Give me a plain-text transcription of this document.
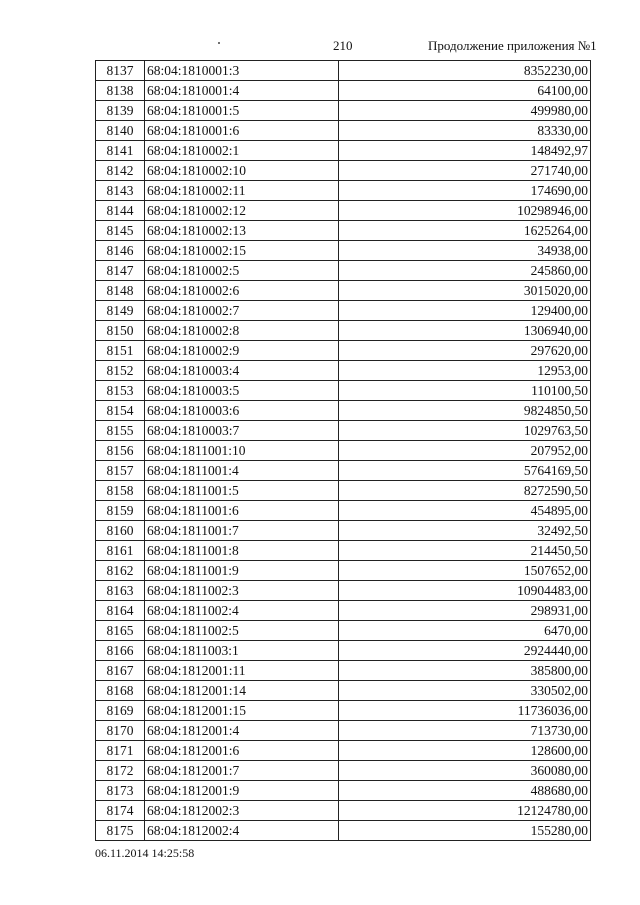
210	Продолжение приложения №1
8137	68:04:1810001:3	8352230,00
8138	68:04:1810001:4	64100,00
8139	68:04:1810001:5	499980,00
8140	68:04:1810001:6	83330,00
8141	68:04:1810002:1	148492,97
8142	68:04:1810002:10	271740,00
8143	68:04:1810002:11	174690,00
8144	68:04:1810002:12	10298946,00
8145	68:04:1810002:13	1625264,00
8146	68:04:1810002:15	34938,00
8147	68:04:1810002:5	245860,00
8148	68:04:1810002:6	3015020,00
8149	68:04:1810002:7	129400,00
8150	68:04:1810002:8	1306940,00
8151	68:04:1810002:9	297620,00
8152	68:04:1810003:4	12953,00
8153	68:04:1810003:5	110100,50
8154	68:04:1810003:6	9824850,50
8155	68:04:1810003:7	1029763,50
8156	68:04:1811001:10	207952,00
8157	68:04:1811001:4	5764169,50
8158	68:04:1811001:5	8272590,50
8159	68:04:1811001:6	454895,00
8160	68:04:1811001:7	32492,50
8161	68:04:1811001:8	214450,50
8162	68:04:1811001:9	1507652,00
8163	68:04:1811002:3	10904483,00
8164	68:04:1811002:4	298931,00
8165	68:04:1811002:5	6470,00
8166	68:04:1811003:1	2924440,00
8167	68:04:1812001:11	385800,00
8168	68:04:1812001:14	330502,00
8169	68:04:1812001:15	11736036,00
8170	68:04:1812001:4	713730,00
8171	68:04:1812001:6	128600,00
8172	68:04:1812001:7	360080,00
8173	68:04:1812001:9	488680,00
8174	68:04:1812002:3	12124780,00
8175	68:04:1812002:4	155280,00
06.11.2014 14:25:58
